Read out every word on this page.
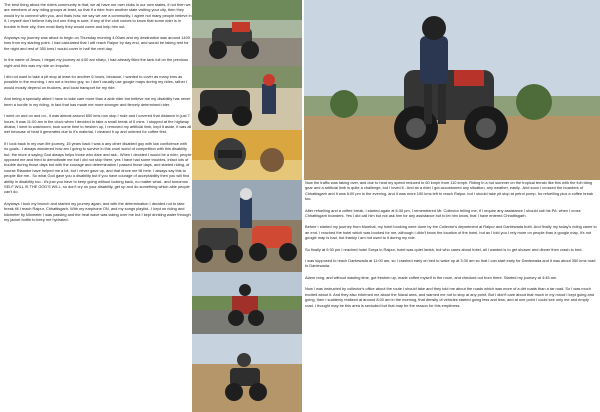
The best thing about the riders community is that, we all have our own clubs in our own states, if not then we are members of any riding groups at least, so that if a rider from another state visiting your city, then they would try to connect with you, and thats how, we say we are a community. I agree not many people believe in it, I myself don't believe fully but one thing is sure, if any of the club comes to know that some rider is in trouble in their city, then most likely they would come and help him out.

Anyways my journey was about to begin on Thursday morning 4:00am and my destination was around 1400 kms from my starting point. I had calculated that I will reach Raipur by day end, and would be taking rest for the night and rest of 350 kms I would cover in half the next day.

In the name of Jesus, I began my journey at 4:00 am sharp, I had already filled the tank full on the previous night and this was my ride on Impulse..

I did not want to take a pit stop at least for another 6 hours, because, I wanted to cover as many kms as possible in the morning. I am not a techno guy, so I don't usually use google maps during my rides, rather I would mostly depend on truckers, and local transport for my ride.

And being a specially abled I have to take care more than a able rider but believe me my disability has never been a hurdle in my riding, in fact that has made me more stronger and fiercely determined rider.

I went on and on and on.. it was almost around 650 kms non stop I rode and I covered that distance in just 7 hours, it was 11:00 am in the clock when I decided to take a small break of 5 mins. I stopped at the highway dhaba, I went to washroom, took some time to freshen up, I removed my artificial limb, kept it aside, it was all wet because of heat it generates due to it's material, I cleaned it up and ordered for coffee first.

If I look back in my own life journey, 15 years back I was a any other disabled guy with low confidence with no goals.. I always wondered how am I going to survive in this cruel world of competition with this disability but, the more a saying God always helps those who dare and ask.. When I decided I would be a rider, people opposed me and tried to demotivate me but I did not stop there, yes I have had some troubles, infact lots of trouble during those days but with the courage and determination I passed those days, and started riding, of course Riaanbe have helped me a lot, but I never gave up, and that drove me till here. I always say this to people like me.. So what God gave you a disability but if you have courage of acceptability then you will find ability in disability too.. it's just you have to keep going without looking back, no matter what.. and tomorrow SELF WILL IS THE GOD'S WILL, so don't cry on your disability, get up and do something which able people can't do.

Anyways I took my brunch and started my journey again, and with the determination I decided not to take break till I reach Raipur, Chhattisgarh. With my earphone ON, and my songs playlist.. I kept on riding and kilometer by kilometer I was passing and the heat wave was taking over me but I kept drinking water through my jacket bottle to keep me hydrated.

Now the traffic was taking over, and due to heat my speed reduced to 60 kmph from 110 kmph. Riding in a hot summer on the tropical terrain like this with the full riding gear and a artificial limb is quite a challenge, but I loved it.. And as a rider I got accustomed any situation, any weather, easily.. And soon I crossed the boarders of Chhattisgarh and it was 6:00 pm in the evening, and it was more 150 kms left to reach Raipur, but I should take pit stop at petrol pump, for refuelling plus a coffee break too.

After refuelling and a coffee break, I started again at 6:30 pm, I remembered Mr. Collector telling me, if I require any assistance I should call his PA. when I cross Chhattisgarh boarders. Yes I did call him but not ask him for any assistance but to let him know, that I have entered Chhattisgarh.

Before I started my journey from Mumbai, my hotel booking were done by the Collector's department at Raipur and Dantewada both. And finally my today's riding came to an end. I reached the hotel which was booked for me, although I didn't know the location of the hotel, but as I told you I rely more on people than a google map, it's not google map is bad, but frankly I am not used to it during my ride.

So finally at 9:30 pm I reached hotel Surya in Raipur, hotel was quiet lavish, but who cares about hotel, all I wanted is to get shower and dinner then crash to bed.

I was supposed to reach Dantewada at 11:00 am, so I crashed early on bed to wake up at 3:30 am so that I can start early for Dantewada and it was about 350 kms road to Dantewada.

Alarm rang, and without wasting time, got freshen up, made coffee myself in the room, and checked out from there. Started my journey at 4:45 am.

Now I was instructed by collector's office about the route I should take and they told me about the roads which was more of a dirt roads than a tar road. So I was much excited about it. And they also informed me about the Naxal area, and warned me not to stop at any point. But I didn't care about that much in my mood I kept going and going, then I suddenly realized at around 8:00 am in the morning, that density of vehicles started going less and less, and at one point I could see only me and empty road. I thought may be this area is secluded but that may be the reason for this emptiness.
